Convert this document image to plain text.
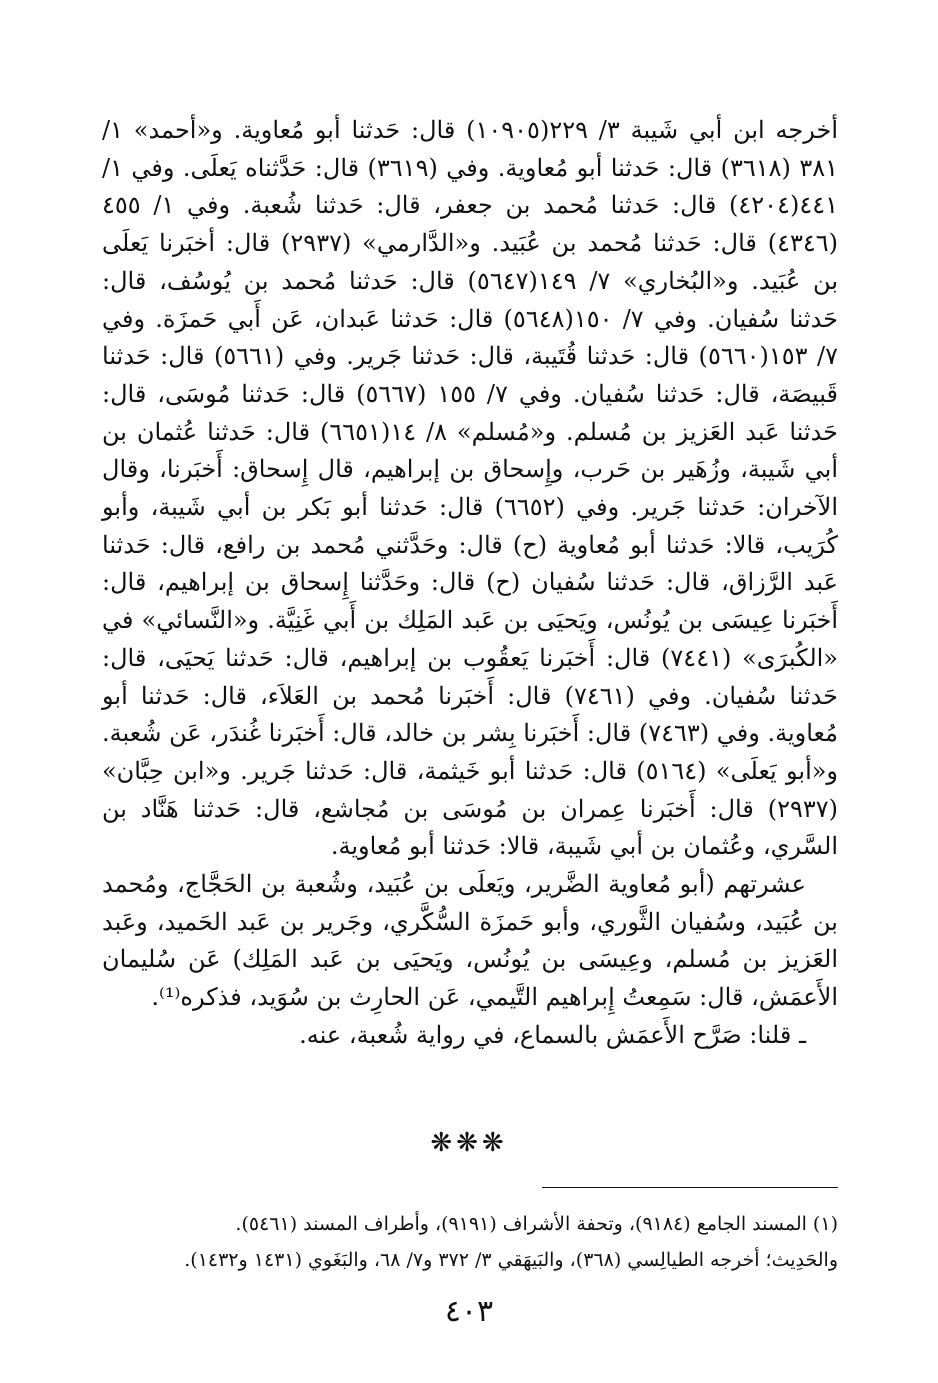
أخرجه ابن أبي شَيبة ٣/ ٢٢٩(١٠٩٠٥) قال: حَدثنا أبو مُعاوية. و«أحمد» ١/ ٣٨١ (٣٦١٨) قال: حَدثنا أبو مُعاوية. وفي (٣٦١٩) قال: حَدَّثناه يَعلَى. وفي ١/ ٤٤١(٤٢٠٤) قال: حَدثنا مُحمد بن جعفر، قال: حَدثنا شُعبة. وفي ١/ ٤٥٥ (٤٣٤٦) قال: حَدثنا مُحمد بن عُبَيد. و«الدَّارمي» (٢٩٣٧) قال: أخبَرنا يَعلَى بن عُبَيد. و«البُخاري» ٧/ ١٤٩(٥٦٤٧) قال: حَدثنا مُحمد بن يُوسُف، قال: حَدثنا سُفيان. وفي ٧/ ١٥٠(٥٦٤٨) قال: حَدثنا عَبدان، عَن أَبي حَمزَة. وفي ٧/ ١٥٣(٥٦٦٠) قال: حَدثنا قُتَيبة، قال: حَدثنا جَرير. وفي (٥٦٦١) قال: حَدثنا قَبيصَة، قال: حَدثنا سُفيان. وفي ٧/ ١٥٥ (٥٦٦٧) قال: حَدثنا مُوسَى، قال: حَدثنا عَبد العَزيز بن مُسلم. و«مُسلم» ٨/ ١٤(٦٦٥١) قال: حَدثنا عُثمان بن أبي شَيبة، وزُهَير بن حَرب، وإِسحاق بن إبراهيم، قال إِسحاق: أَخبَرنا، وقال الآخران: حَدثنا جَرير. وفي (٦٦٥٢) قال: حَدثنا أبو بَكر بن أبي شَيبة، وأبو كُرَيب، قالا: حَدثنا أبو مُعاوية (ح) قال: وحَدَّثني مُحمد بن رافع، قال: حَدثنا عَبد الرَّزاق، قال: حَدثنا سُفيان (ح) قال: وحَدَّثنا إِسحاق بن إبراهيم، قال: أَخبَرنا عِيسَى بن يُونُس، ويَحيَى بن عَبد المَلِك بن أَبي غَنِيَّة. و«النَّسائي» في «الكُبرَى» (٧٤٤١) قال: أَخبَرنا يَعقُوب بن إبراهيم، قال: حَدثنا يَحيَى، قال: حَدثنا سُفيان. وفي (٧٤٦١) قال: أَخبَرنا مُحمد بن العَلاَء، قال: حَدثنا أبو مُعاوية. وفي (٧٤٦٣) قال: أَخبَرنا بِشر بن خالد، قال: أَخبَرنا غُندَر، عَن شُعبة. و«أبو يَعلَى» (٥١٦٤) قال: حَدثنا أبو خَيثمة، قال: حَدثنا جَرير. و«ابن حِبَّان» (٢٩٣٧) قال: أَخبَرنا عِمران بن مُوسَى بن مُجاشع، قال: حَدثنا هَنَّاد بن السَّري، وعُثمان بن أبي شَيبة، قالا: حَدثنا أبو مُعاوية.

عشرتهم (أبو مُعاوية الضَّرير، ويَعلَى بن عُبَيد، وشُعبة بن الحَجَّاج، ومُحمد بن عُبَيد، وسُفيان الثَّوري، وأبو حَمزَة السُّكَّري، وجَرير بن عَبد الحَميد، وعَبد العَزيز بن مُسلم، وعِيسَى بن يُونُس، ويَحيَى بن عَبد المَلِك) عَن سُليمان الأَعمَش، قال: سَمِعتُ إِبراهيم التَّيمي، عَن الحارِث بن سُوَيد، فذكره⁽¹⁾.

ـ قلنا: صَرَّح الأَعمَش بالسماع، في رواية شُعبة، عنه.

❋❋❋

(١) المسند الجامع (٩١٨٤)، وتحفة الأشراف (٩١٩١)، وأطراف المسند (٥٤٦١).

والحَدِيث؛ أخرجه الطيالِسي (٣٦٨)، والبَيهَقي ٣/ ٣٧٢ و٧/ ٦٨، والبَغَوي (١٤٣١ و١٤٣٢).

٤٠٣
